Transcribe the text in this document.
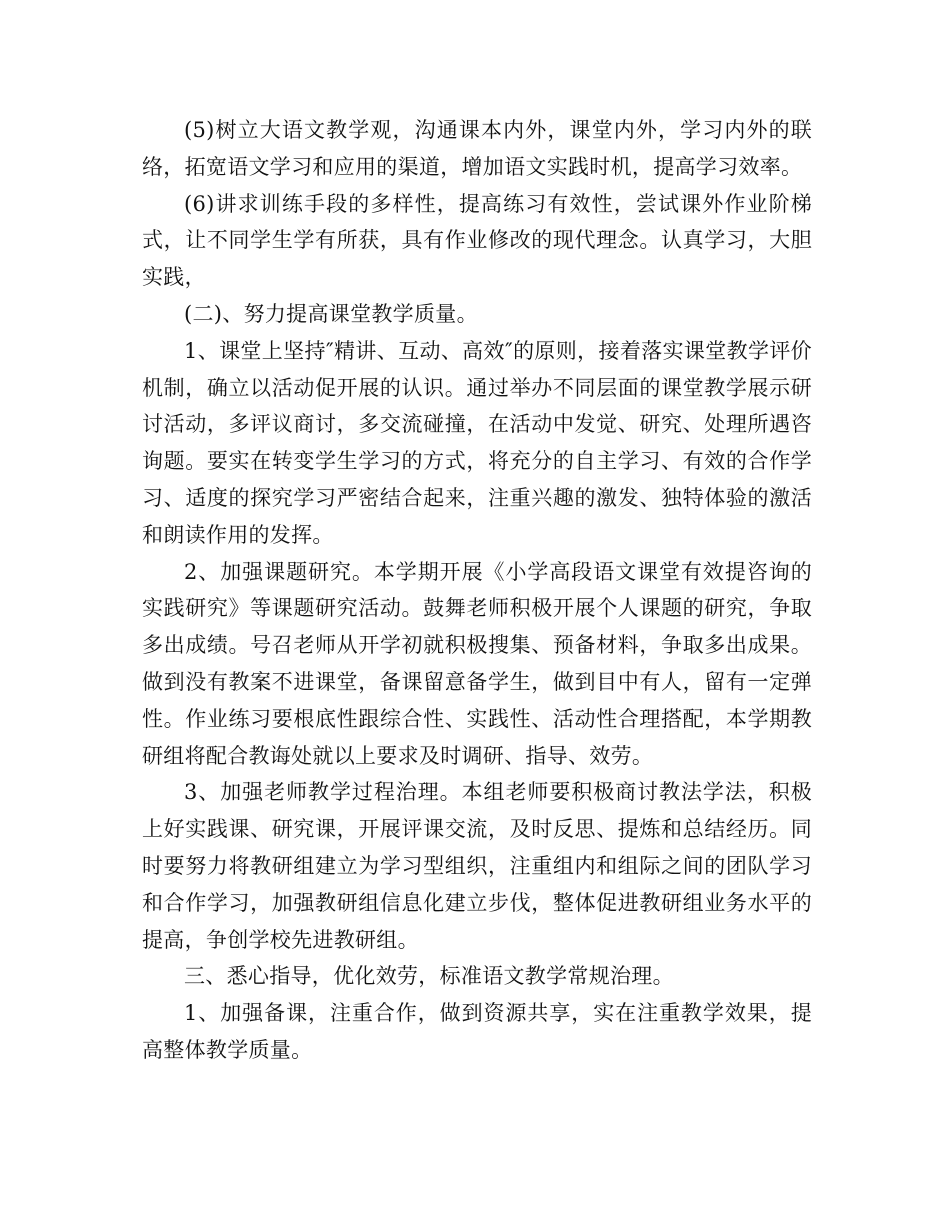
(5)树立大语文教学观，沟通课本内外，课堂内外，学习内外的联络，拓宽语文学习和应用的渠道，增加语文实践时机，提高学习效率。

(6)讲求训练手段的多样性，提高练习有效性，尝试课外作业阶梯式，让不同学生学有所获，具有作业修改的现代理念。认真学习，大胆实践，

(二)、努力提高课堂教学质量。

1、课堂上坚持″精讲、互动、高效″的原则，接着落实课堂教学评价机制，确立以活动促开展的认识。通过举办不同层面的课堂教学展示研讨活动，多评议商讨，多交流碰撞，在活动中发觉、研究、处理所遇咨询题。要实在转变学生学习的方式，将充分的自主学习、有效的合作学习、适度的探究学习严密结合起来，注重兴趣的激发、独特体验的激活和朗读作用的发挥。

2、加强课题研究。本学期开展《小学高段语文课堂有效提咨询的实践研究》等课题研究活动。鼓舞老师积极开展个人课题的研究，争取多出成绩。号召老师从开学初就积极搜集、预备材料，争取多出成果。做到没有教案不进课堂，备课留意备学生，做到目中有人，留有一定弹性。作业练习要根底性跟综合性、实践性、活动性合理搭配，本学期教研组将配合教诲处就以上要求及时调研、指导、效劳。

3、加强老师教学过程治理。本组老师要积极商讨教法学法，积极上好实践课、研究课，开展评课交流，及时反思、提炼和总结经历。同时要努力将教研组建立为学习型组织，注重组内和组际之间的团队学习和合作学习，加强教研组信息化建立步伐，整体促进教研组业务水平的提高，争创学校先进教研组。

三、悉心指导，优化效劳，标准语文教学常规治理。

1、加强备课，注重合作，做到资源共享，实在注重教学效果，提高整体教学质量。
